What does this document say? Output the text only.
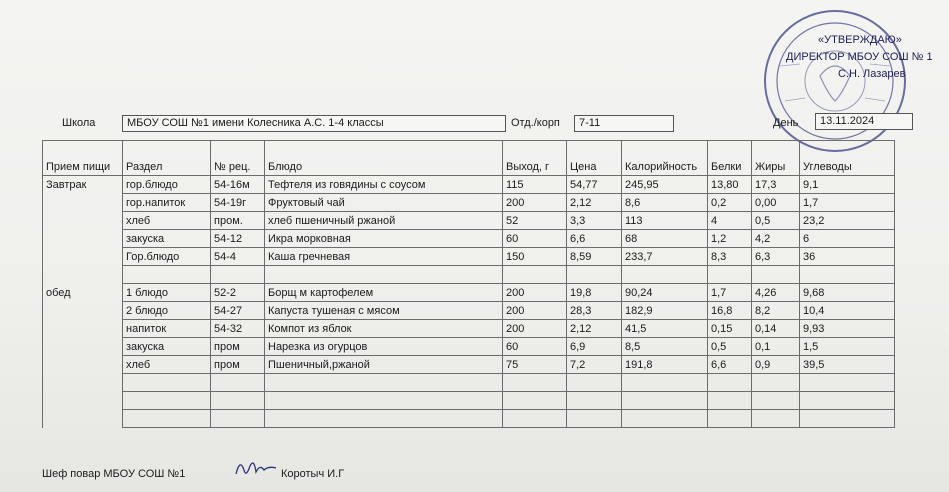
«УТВЕРЖДАЮ»
ДИРЕКТОР МБОУ СОШ № 1
С.Н. Лазарев
Школа	МБОУ СОШ №1 имени Колесника А.С. 1-4 классы	Отд./корп	7-11	День	13.11.2024
Прием пищи	Раздел	№ рец.	Блюдо	Выход, г	Цена	Калорийность	Белки	Жиры	Углеводы
Завтрак	гор.блюдо	54-16м	Тефтеля из говядины с соусом	115	54,77	245,95	13,80	17,3	9,1
	гор.напиток	54-19г	Фруктовый чай	200	2,12	8,6	0,2	0,00	1,7
	хлеб	пром.	хлеб пшеничный ржаной	52	3,3	113	4	0,5	23,2
	закуска	54-12	Икра морковная	60	6,6	68	1,2	4,2	6
	Гор.блюдо	54-4	Каша гречневая	150	8,59	233,7	8,3	6,3	36

обед	1 блюдо	52-2	Борщ м картофелем	200	19,8	90,24	1,7	4,26	9,68
	2 блюдо	54-27	Капуста тушеная с мясом	200	28,3	182,9	16,8	8,2	10,4
	напиток	54-32	Компот из яблок	200	2,12	41,5	0,15	0,14	9,93
	закуска	пром	Нарезка из огурцов	60	6,9	8,5	0,5	0,1	1,5
	хлеб	пром	Пшеничный,ржаной	75	7,2	191,8	6,6	0,9	39,5

Шеф повар МБОУ СОШ №1	Коротыч И.Г
